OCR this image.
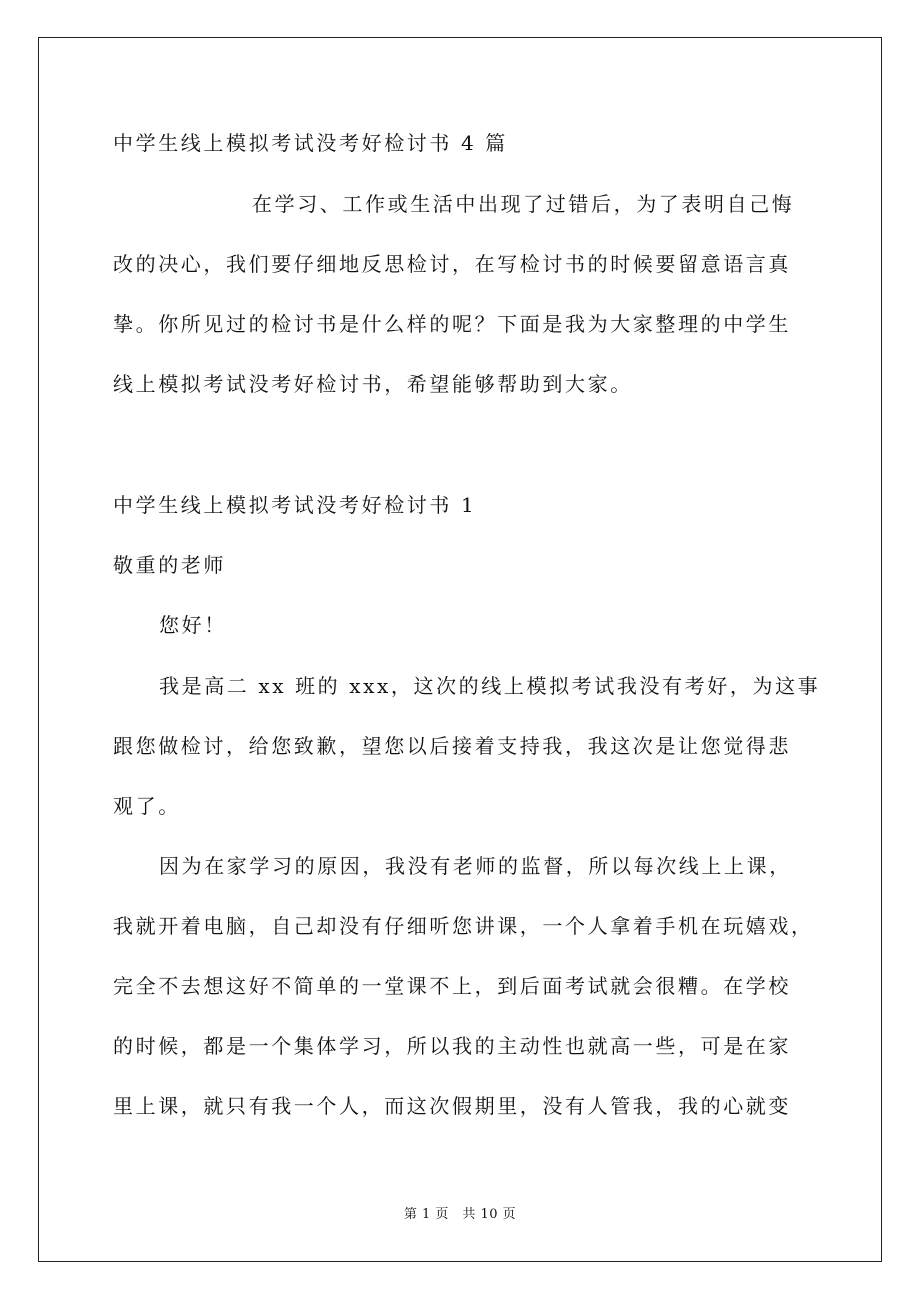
中学生线上模拟考试没考好检讨书 4 篇
在学习、工作或生活中出现了过错后，为了表明自己悔
改的决心，我们要仔细地反思检讨，在写检讨书的时候要留意语言真
挚。你所见过的检讨书是什么样的呢？下面是我为大家整理的中学生
线上模拟考试没考好检讨书，希望能够帮助到大家。
中学生线上模拟考试没考好检讨书 1
敬重的老师
您好！
我是高二 xx 班的 xxx，这次的线上模拟考试我没有考好，为这事
跟您做检讨，给您致歉，望您以后接着支持我，我这次是让您觉得悲
观了。
因为在家学习的原因，我没有老师的监督，所以每次线上上课，
我就开着电脑，自己却没有仔细听您讲课，一个人拿着手机在玩嬉戏，
完全不去想这好不简单的一堂课不上，到后面考试就会很糟。在学校
的时候，都是一个集体学习，所以我的主动性也就高一些，可是在家
里上课，就只有我一个人，而这次假期里，没有人管我，我的心就变
第 1 页　共 10 页
